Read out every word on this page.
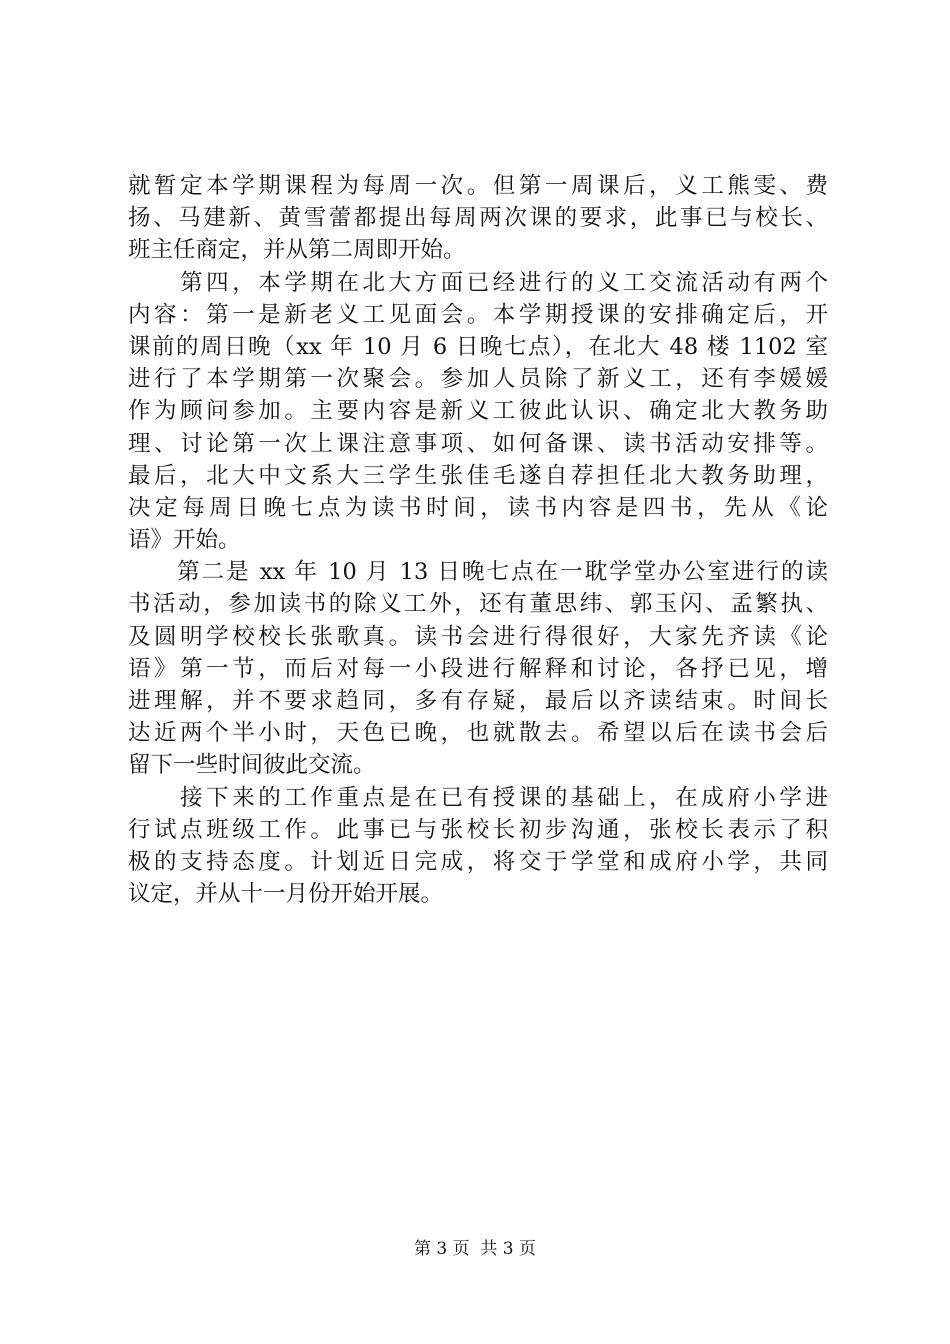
就暂定本学期课程为每周一次。但第一周课后，义工熊雯、费
扬、马建新、黄雪蕾都提出每周两次课的要求，此事已与校长、
班主任商定，并从第二周即开始。
　　第四，本学期在北大方面已经进行的义工交流活动有两个
内容：第一是新老义工见面会。本学期授课的安排确定后，开
课前的周日晚（xx 年 10 月 6 日晚七点），在北大 48 楼 1102 室
进行了本学期第一次聚会。参加人员除了新义工，还有李媛媛
作为顾问参加。主要内容是新义工彼此认识、确定北大教务助
理、讨论第一次上课注意事项、如何备课、读书活动安排等。
最后，北大中文系大三学生张佳毛遂自荐担任北大教务助理，
决定每周日晚七点为读书时间，读书内容是四书，先从《论
语》开始。
　　第二是 xx 年 10 月 13 日晚七点在一耽学堂办公室进行的读
书活动，参加读书的除义工外，还有董思纬、郭玉闪、孟繁执、
及圆明学校校长张歌真。读书会进行得很好，大家先齐读《论
语》第一节，而后对每一小段进行解释和讨论，各抒已见，增
进理解，并不要求趋同，多有存疑，最后以齐读结束。时间长
达近两个半小时，天色已晚，也就散去。希望以后在读书会后
留下一些时间彼此交流。
　　接下来的工作重点是在已有授课的基础上，在成府小学进
行试点班级工作。此事已与张校长初步沟通，张校长表示了积
极的支持态度。计划近日完成，将交于学堂和成府小学，共同
议定，并从十一月份开始开展。
第 3 页  共 3 页
